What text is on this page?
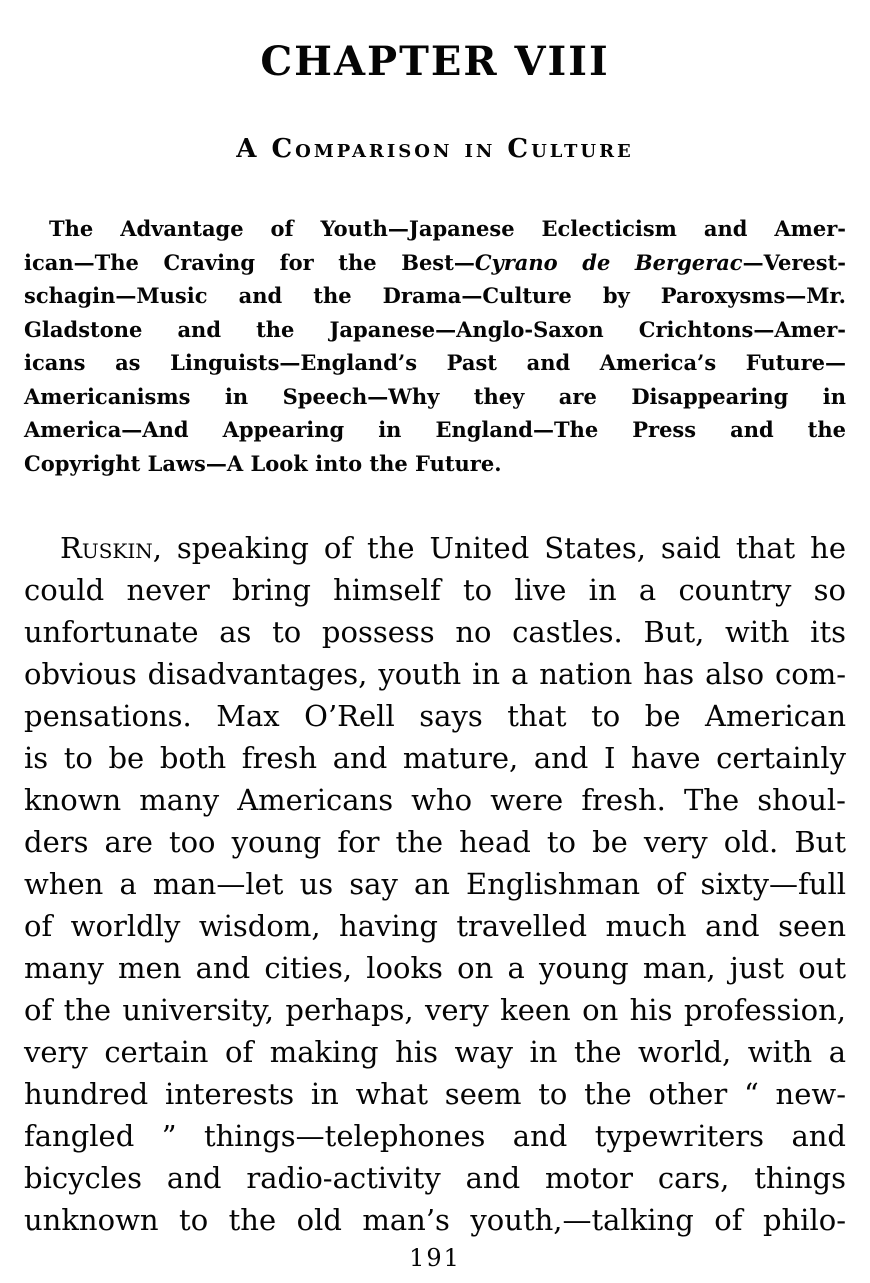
CHAPTER VIII
A Comparison in Culture
The Advantage of Youth—Japanese Eclecticism and Amer-
ican—The Craving for the Best—Cyrano de Bergerac—Verest-
schagin—Music and the Drama—Culture by Paroxysms—Mr.
Gladstone and the Japanese—Anglo-Saxon Crichtons—Amer-
icans as Linguists—England’s Past and America’s Future—
Americanisms in Speech—Why they are Disappearing in
America—And Appearing in England—The Press and the
Copyright Laws—A Look into the Future.
Ruskin, speaking of the United States, said that he
could never bring himself to live in a country so
unfortunate as to possess no castles. But, with its
obvious disadvantages, youth in a nation has also com-
pensations. Max O’Rell says that to be American
is to be both fresh and mature, and I have certainly
known many Americans who were fresh. The shoul-
ders are too young for the head to be very old. But
when a man—let us say an Englishman of sixty—full
of worldly wisdom, having travelled much and seen
many men and cities, looks on a young man, just out
of the university, perhaps, very keen on his profession,
very certain of making his way in the world, with a
hundred interests in what seem to the other “ new-
fangled ” things—telephones and typewriters and
bicycles and radio-activity and motor cars, things
unknown to the old man’s youth,—talking of philo-
191
